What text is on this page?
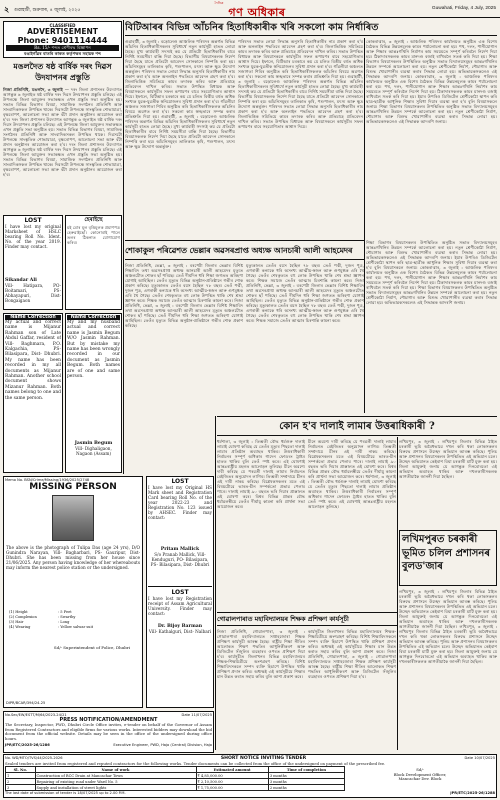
২ গুৱাহাটী, শুক্ৰবাৰ, ৪ জুলাই, ২০২৫
$^{দৈনিক}$ গণ অধিকাৰ	Guwahati, Friday, 4 July, 2025
CLASSIFIED
ADVERTISEMENT
Phone: 9401114444
Rs. 15/- শব্দত শ্ৰেণীবদ্ধ বিজ্ঞাপন
বঙাইগাঁৱৰ বাতৰি কাকত কৰ্তৃপক্ষৰ সহায়ক শব্দ
মঙলদৈত ষষ্ঠ বাৰ্ষিক দৰং দিৱস উদযাপনৰ প্ৰস্তুতি
নিজা প্ৰতিনিধি, মঙলদৈ, ৩ জুলাই — দৰং জিলা প্ৰশাসনৰ উদ্যোগত আগন্তুক ৬ জুলাইত ষষ্ঠ বাৰ্ষিক দৰং দিৱস উদযাপনৰ প্ৰস্তুতি চলিছে। এই উপলক্ষে জিলা আয়ুক্তৰ সভাকক্ষত এখন প্ৰস্তুতি সভা অনুষ্ঠিত হয়। সভাত বিভিন্ন বিভাগৰ বিষয়া, সামাজিক সংগঠনৰ প্ৰতিনিধি আৰু সাংবাদিকসকল উপস্থিত থাকে। দিৱসটো উপলক্ষে সাংস্কৃতিক শোভাযাত্ৰা, বৃক্ষৰোপণ, আলোচনা সভা আৰু বঁটা প্ৰদান অনুষ্ঠানৰ আয়োজন কৰা হ'ব। দৰং জিলা প্ৰশাসনৰ উদ্যোগত আগন্তুক ৬ জুলাইত ষষ্ঠ বাৰ্ষিক দৰং দিৱস উদযাপনৰ প্ৰস্তুতি চলিছে। এই উপলক্ষে জিলা আয়ুক্তৰ সভাকক্ষত এখন প্ৰস্তুতি সভা অনুষ্ঠিত হয়। সভাত বিভিন্ন বিভাগৰ বিষয়া, সামাজিক সংগঠনৰ প্ৰতিনিধি আৰু সাংবাদিকসকল উপস্থিত থাকে। দিৱসটো উপলক্ষে সাংস্কৃতিক শোভাযাত্ৰা, বৃক্ষৰোপণ, আলোচনা সভা আৰু বঁটা প্ৰদান অনুষ্ঠানৰ আয়োজন কৰা হ'ব। দৰং জিলা প্ৰশাসনৰ উদ্যোগত আগন্তুক ৬ জুলাইত ষষ্ঠ বাৰ্ষিক দৰং দিৱস উদযাপনৰ প্ৰস্তুতি চলিছে। এই উপলক্ষে জিলা আয়ুক্তৰ সভাকক্ষত এখন প্ৰস্তুতি সভা অনুষ্ঠিত হয়। সভাত বিভিন্ন বিভাগৰ বিষয়া, সামাজিক সংগঠনৰ প্ৰতিনিধি আৰু সাংবাদিকসকল উপস্থিত থাকে। দিৱসটো উপলক্ষে সাংস্কৃতিক শোভাযাত্ৰা, বৃক্ষৰোপণ, আলোচনা সভা আৰু বঁটা প্ৰদান অনুষ্ঠানৰ আয়োজন কৰা হ'ব।
LOST
I have lost my original Marksheet of HSLC bearing Roll No. Ident. No. of the year 2019. Finder may contact.
Sikandar Ali
Vill- Hatipara, PO- Boitamari, PS- Abhayapuri, Dist- Bongaigaon
হেৰাইছে
মই মোৰ মূল বৃত্তিমূলক প্ৰমাণপত্ৰ হেৰুৱাইছোঁ। কোনোবাই পালে তলৰ ঠিকনাত যোগাযোগ কৰিব।
Name Correction
My actual and correct name is Mijanur Rahman son of Late Abdul Gaffar, resident of Vill- Baghmara, P.O. Kalgachia, PS- Bilasipara, Dist- Dhubri. My name has been recorded in my all documents as Mijanur Rahman. Another school document shows Mizanur Rahman. Both names belong to one and the same person.
Name Correction
My and my husband actual and correct name is Jasmin Begum W/O Jasmin Rahman. But by mistake my name has been wrongly recorded in our document as Jasmin Begum. Both names are of one and same person.
Jasmin Begum
Vill- Dighaligaon, Nagaon (Assam)
Memo No. BSN/Crime/Missing/1936/2025/2748
MISSING PERSON
The above is the photograph of Tulipa Das (age 24 yrs), D/O Gunindra Narayan, Vill- Bagharbari, PS- Gauripur, Dist- Dhubri. She has been missing from her house since 21/06/2025. Any person having knowledge of her whereabouts may inform the nearest police station or the undersigned.
(1) Height	: 5 Feet
(2) Complexion	: Swarthy
(3) Hair	: Long
(4) Wearing	: Yellow salwar suit
Sd/- Superintendent of Police, Dhubri
DIPR/BCAR/394/24-25
LOST
I have lost my Original HS Mark sheet and Registration Card bearing Roll No. of the year 2022-23 and Registration No. 123 issued by AHSEC. Finder may contact:
Pritam Mallick
S/o Pranab Mallick, Vill- Kenduguri, PO- Bilasipara, PS- Bilasipara, Dist- Dhubri
LOST
I have lost my Registration receipt of Assam Agricultural University. Finder may contact:
Dr. Bijoy Barman
Vill- Kathalguri, Dist- Nalbari
বিটিআৰৰ বিভিন্ন আঁচনিৰ হিতাধিকাৰীক খৰি সকলো কাম নিৰ্ধাৰিত
গুৱাহাটী, ৩ জুলাই : বড়োলেণ্ড আঞ্চলিক পৰিষদৰ অন্তৰ্গত বিভিন্ন আঁচনিৰ হিতাধিকাৰীসকলৰ সুবিধাৰ্থে নতুন কাৰ্যসূচী হাতত লোৱা হৈছে। মুখ্য কাৰ্যবাহী সদস্যই কয় যে প্ৰতিটো হিতাধিকাৰীৰ বাবে নিৰ্দিষ্ট সময়সীমা বান্ধি দিয়া হৈছে। বিভাগীয় বিষয়াসকলক নিৰ্দেশ দিয়া হৈছে যাতে প্ৰতিটো আবেদন সোনকালে নিষ্পত্তি কৰা হয়। আঁচনিসমূহৰ তালিকাত কৃষি, পশুপালন, মৎস্য আৰু ক্ষুদ্ৰ উদ্যোগ অন্তৰ্ভুক্ত। পৰিষদৰ সভাত লোৱা সিদ্ধান্ত অনুসৰি হিতাধিকাৰীৰ নাম প্ৰকাশ কৰা হ'ব আৰু অনলাইন পদ্ধতিৰে আবেদন গ্ৰহণ কৰা হ'ব। জিলাভিত্তিক সমিতিয়ে কামৰ তদাৰক কৰিব আৰু প্ৰতিমাহে প্ৰতিবেদন দাখিল কৰিব। সভাত উপস্থিত বিধায়ক আৰু বিষয়াসকলে কাৰ্যসূচীৰ সফল ৰূপায়ণৰ বাবে সহযোগিতাৰ আশ্বাস দিয়ে। ইফালে, বিটিআৰ চৰকাৰে কয় যে চলিত বিত্তীয় বৰ্ষত অধিক সংখ্যক যুৱক-যুৱতীক স্বনিয়োজনৰ সুবিধা প্ৰদান কৰা হ'ব। গাঁৱলীয়া অঞ্চলত সজাগতা শিবিৰ অনুষ্ঠিত কৰি হিতাধিকাৰীসকলক আঁচনিৰ বিষয়ে অৱগত কৰা হ'ব। সকলো কাম স্বচ্ছতাৰে সম্পন্ন কৰাৰ প্ৰতিশ্ৰুতি দিয়া হয়। গুৱাহাটী, ৩ জুলাই : বড়োলেণ্ড আঞ্চলিক পৰিষদৰ অন্তৰ্গত বিভিন্ন আঁচনিৰ হিতাধিকাৰীসকলৰ সুবিধাৰ্থে নতুন কাৰ্যসূচী হাতত লোৱা হৈছে। মুখ্য কাৰ্যবাহী সদস্যই কয় যে প্ৰতিটো হিতাধিকাৰীৰ বাবে নিৰ্দিষ্ট সময়সীমা বান্ধি দিয়া হৈছে। বিভাগীয় বিষয়াসকলক নিৰ্দেশ দিয়া হৈছে যাতে প্ৰতিটো আবেদন সোনকালে নিষ্পত্তি কৰা হয়। আঁচনিসমূহৰ তালিকাত কৃষি, পশুপালন, মৎস্য আৰু ক্ষুদ্ৰ উদ্যোগ অন্তৰ্ভুক্ত।
পৰিষদৰ সভাত লোৱা সিদ্ধান্ত অনুসৰি হিতাধিকাৰীৰ নাম প্ৰকাশ কৰা হ'ব আৰু অনলাইন পদ্ধতিৰে আবেদন গ্ৰহণ কৰা হ'ব। জিলাভিত্তিক সমিতিয়ে কামৰ তদাৰক কৰিব আৰু প্ৰতিমাহে প্ৰতিবেদন দাখিল কৰিব। সভাত উপস্থিত বিধায়ক আৰু বিষয়াসকলে কাৰ্যসূচীৰ সফল ৰূপায়ণৰ বাবে সহযোগিতাৰ আশ্বাস দিয়ে। ইফালে, বিটিআৰ চৰকাৰে কয় যে চলিত বিত্তীয় বৰ্ষত অধিক সংখ্যক যুৱক-যুৱতীক স্বনিয়োজনৰ সুবিধা প্ৰদান কৰা হ'ব। গাঁৱলীয়া অঞ্চলত সজাগতা শিবিৰ অনুষ্ঠিত কৰি হিতাধিকাৰীসকলক আঁচনিৰ বিষয়ে অৱগত কৰা হ'ব। সকলো কাম স্বচ্ছতাৰে সম্পন্ন কৰাৰ প্ৰতিশ্ৰুতি দিয়া হয়। গুৱাহাটী, ৩ জুলাই : বড়োলেণ্ড আঞ্চলিক পৰিষদৰ অন্তৰ্গত বিভিন্ন আঁচনিৰ হিতাধিকাৰীসকলৰ সুবিধাৰ্থে নতুন কাৰ্যসূচী হাতত লোৱা হৈছে। মুখ্য কাৰ্যবাহী সদস্যই কয় যে প্ৰতিটো হিতাধিকাৰীৰ বাবে নিৰ্দিষ্ট সময়সীমা বান্ধি দিয়া হৈছে। বিভাগীয় বিষয়াসকলক নিৰ্দেশ দিয়া হৈছে যাতে প্ৰতিটো আবেদন সোনকালে নিষ্পত্তি কৰা হয়। আঁচনিসমূহৰ তালিকাত কৃষি, পশুপালন, মৎস্য আৰু ক্ষুদ্ৰ উদ্যোগ অন্তৰ্ভুক্ত। পৰিষদৰ সভাত লোৱা সিদ্ধান্ত অনুসৰি হিতাধিকাৰীৰ নাম প্ৰকাশ কৰা হ'ব আৰু অনলাইন পদ্ধতিৰে আবেদন গ্ৰহণ কৰা হ'ব। জিলাভিত্তিক সমিতিয়ে কামৰ তদাৰক কৰিব আৰু প্ৰতিমাহে প্ৰতিবেদন দাখিল কৰিব। সভাত উপস্থিত বিধায়ক আৰু বিষয়াসকলে কাৰ্যসূচীৰ সফল ৰূপায়ণৰ বাবে সহযোগিতাৰ আশ্বাস দিয়ে।
কোকৰাঝাৰ, ৩ জুলাই : আঞ্চলিক পৰিষদৰ কাৰ্যালয়ত অনুষ্ঠিত এক বিশেষ বৈঠকত বিভিন্ন উন্নয়নমূলক কামৰ পৰ্যালোচনা কৰা হয়। পথ, দলং, পানীযোগান আৰু শিক্ষাৰ আন্তঃগাঁথনি নিৰ্মাণৰ কাম সময়মতে সম্পূৰ্ণ কৰিবলৈ নিৰ্দেশ দিয়া হয়। ঠিকাদাৰসকলক কামৰ মানদণ্ড বজাই ৰাখিবলৈ সতৰ্ক কৰি দিয়া হয়। শিক্ষা বিভাগৰ বিষয়াসকলৰ উপস্থিতিত অনুষ্ঠিত সভাত বিদ্যালয়সমূহৰ আন্তঃগাঁথনিৰ উন্নয়ন সম্পৰ্কে আলোচনা কৰা হয়। নতুন শ্ৰেণীকোঠা নিৰ্মাণ, শৌচাগাৰ আৰু বিশুদ্ধ খোৱাপানীৰ ব্যৱস্থা কৰাৰ সিদ্ধান্ত লোৱা হয়। অভিভাৱকসকলেও এই সিদ্ধান্তক আদৰণি জনায়। কোকৰাঝাৰ, ৩ জুলাই : আঞ্চলিক পৰিষদৰ কাৰ্যালয়ত অনুষ্ঠিত এক বিশেষ বৈঠকত বিভিন্ন উন্নয়নমূলক কামৰ পৰ্যালোচনা কৰা হয়। পথ, দলং, পানীযোগান আৰু শিক্ষাৰ আন্তঃগাঁথনি নিৰ্মাণৰ কাম সময়মতে সম্পূৰ্ণ কৰিবলৈ নিৰ্দেশ দিয়া হয়। ঠিকাদাৰসকলক কামৰ মানদণ্ড বজাই ৰাখিবলৈ সতৰ্ক কৰি দিয়া হয়। ইয়াৰ উপৰিও ডিজিটেল শ্ৰেণীকোঠা স্থাপন কৰি ছাত্ৰ-ছাত্ৰীক আধুনিক শিক্ষাৰ সুবিধা দিয়াৰ ব্যৱস্থা কৰা হ'ব বুলি বিষয়াসকলে জনায়। শিক্ষা বিভাগৰ বিষয়াসকলৰ উপস্থিতিত অনুষ্ঠিত সভাত বিদ্যালয়সমূহৰ আন্তঃগাঁথনিৰ উন্নয়ন সম্পৰ্কে আলোচনা কৰা হয়। নতুন শ্ৰেণীকোঠা নিৰ্মাণ, শৌচাগাৰ আৰু বিশুদ্ধ খোৱাপানীৰ ব্যৱস্থা কৰাৰ সিদ্ধান্ত লোৱা হয়। অভিভাৱকসকলেও এই সিদ্ধান্তক আদৰণি জনায়।
শোকাকুল পৰিৱেশত ভেল্লাৰ অৱসৰপ্ৰাপ্ত অধ্যক্ষ আনচাৰী আলী আহমেদৰ
নিজা প্ৰতিনিধি, ভেল্লা, ৩ জুলাই : বৰপেটা জিলাৰ ভেল্লাৰ বিশিষ্ট শিক্ষাবিদ তথা অৱসৰপ্ৰাপ্ত অধ্যক্ষ আনচাৰী আলী আহমেদৰ মৃত্যুত অঞ্চলটোত শোকৰ ছাঁ পৰিছে। তেওঁ দীৰ্ঘদিন ধৰি শিক্ষা জগতত অৰিহণা যোগাই আহিছিল। তেওঁৰ মৃত্যুত বিভিন্ন অনুষ্ঠান-প্ৰতিষ্ঠানে গভীৰ শোক প্ৰকাশ কৰিছে। মৃত্যুকালত তেওঁৰ বয়স হৈছিল ৭৮ বছৰ। তেওঁ পত্নী, দুজন পুত্ৰ, এগৰাকী কন্যাকে ধৰি অসংখ্য আত্মীয়-স্বজন আৰু গুণমুগ্ধক এৰি থৈ গৈছে। তেওঁৰ শেষকৃত্যত বহু লোক উপস্থিত থাকি শেষ শ্ৰদ্ধা জ্ঞাপন কৰে। শিক্ষক সমাজে তেওঁৰ আত্মাৰ চিৰশান্তি কামনা কৰে। নিজা প্ৰতিনিধি, ভেল্লা, ৩ জুলাই : বৰপেটা জিলাৰ ভেল্লাৰ বিশিষ্ট শিক্ষাবিদ তথা অৱসৰপ্ৰাপ্ত অধ্যক্ষ আনচাৰী আলী আহমেদৰ মৃত্যুত অঞ্চলটোত শোকৰ ছাঁ পৰিছে। তেওঁ দীৰ্ঘদিন ধৰি শিক্ষা জগতত অৰিহণা যোগাই আহিছিল। তেওঁৰ মৃত্যুত বিভিন্ন অনুষ্ঠান-প্ৰতিষ্ঠানে গভীৰ শোক প্ৰকাশ কৰিছে।
মৃত্যুকালত তেওঁৰ বয়স হৈছিল ৭৮ বছৰ। তেওঁ পত্নী, দুজন পুত্ৰ, এগৰাকী কন্যাকে ধৰি অসংখ্য আত্মীয়-স্বজন আৰু গুণমুগ্ধক এৰি থৈ গৈছে। তেওঁৰ শেষকৃত্যত বহু লোক উপস্থিত থাকি শেষ শ্ৰদ্ধা জ্ঞাপন কৰে। শিক্ষক সমাজে তেওঁৰ আত্মাৰ চিৰশান্তি কামনা কৰে। নিজা প্ৰতিনিধি, ভেল্লা, ৩ জুলাই : বৰপেটা জিলাৰ ভেল্লাৰ বিশিষ্ট শিক্ষাবিদ তথা অৱসৰপ্ৰাপ্ত অধ্যক্ষ আনচাৰী আলী আহমেদৰ মৃত্যুত অঞ্চলটোত শোকৰ ছাঁ পৰিছে। তেওঁ দীৰ্ঘদিন ধৰি শিক্ষা জগতত অৰিহণা যোগাই আহিছিল। তেওঁৰ মৃত্যুত বিভিন্ন অনুষ্ঠান-প্ৰতিষ্ঠানে গভীৰ শোক প্ৰকাশ কৰিছে। মৃত্যুকালত তেওঁৰ বয়স হৈছিল ৭৮ বছৰ। তেওঁ পত্নী, দুজন পুত্ৰ, এগৰাকী কন্যাকে ধৰি অসংখ্য আত্মীয়-স্বজন আৰু গুণমুগ্ধক এৰি থৈ গৈছে। তেওঁৰ শেষকৃত্যত বহু লোক উপস্থিত থাকি শেষ শ্ৰদ্ধা জ্ঞাপন কৰে। শিক্ষক সমাজে তেওঁৰ আত্মাৰ চিৰশান্তি কামনা কৰে।
শিক্ষা বিভাগৰ বিষয়াসকলৰ উপস্থিতিত অনুষ্ঠিত সভাত বিদ্যালয়সমূহৰ আন্তঃগাঁথনিৰ উন্নয়ন সম্পৰ্কে আলোচনা কৰা হয়। নতুন শ্ৰেণীকোঠা নিৰ্মাণ, শৌচাগাৰ আৰু বিশুদ্ধ খোৱাপানীৰ ব্যৱস্থা কৰাৰ সিদ্ধান্ত লোৱা হয়। অভিভাৱকসকলেও এই সিদ্ধান্তক আদৰণি জনায়। ইয়াৰ উপৰিও ডিজিটেল শ্ৰেণীকোঠা স্থাপন কৰি ছাত্ৰ-ছাত্ৰীক আধুনিক শিক্ষাৰ সুবিধা দিয়াৰ ব্যৱস্থা কৰা হ'ব বুলি বিষয়াসকলে জনায়। কোকৰাঝাৰ, ৩ জুলাই : আঞ্চলিক পৰিষদৰ কাৰ্যালয়ত অনুষ্ঠিত এক বিশেষ বৈঠকত বিভিন্ন উন্নয়নমূলক কামৰ পৰ্যালোচনা কৰা হয়। পথ, দলং, পানীযোগান আৰু শিক্ষাৰ আন্তঃগাঁথনি নিৰ্মাণৰ কাম সময়মতে সম্পূৰ্ণ কৰিবলৈ নিৰ্দেশ দিয়া হয়। ঠিকাদাৰসকলক কামৰ মানদণ্ড বজাই ৰাখিবলৈ সতৰ্ক কৰি দিয়া হয়। শিক্ষা বিভাগৰ বিষয়াসকলৰ উপস্থিতিত অনুষ্ঠিত সভাত বিদ্যালয়সমূহৰ আন্তঃগাঁথনিৰ উন্নয়ন সম্পৰ্কে আলোচনা কৰা হয়। নতুন শ্ৰেণীকোঠা নিৰ্মাণ, শৌচাগাৰ আৰু বিশুদ্ধ খোৱাপানীৰ ব্যৱস্থা কৰাৰ সিদ্ধান্ত লোৱা হয়। অভিভাৱকসকলেও এই সিদ্ধান্তক আদৰণি জনায়।
কোন হ'ব দালাই লামাৰ উত্তৰাধিকাৰী ?
ধৰ্মশালা, ৩ জুলাই : তিব্বতী বৌদ্ধ ধৰ্মগুৰু দালাই লামাই ঘোষণা কৰিছে যে তেওঁৰ মৃত্যুৰ পিছতো দালাই লামাৰ প্ৰতিষ্ঠান অব্যাহত থাকিব। উত্তৰাধিকাৰী নিৰ্বাচনৰ সম্পূৰ্ণ অধিকাৰ গাদেন ফোডৰং ট্ৰাষ্টৰ হাতত থাকিব বুলি তেওঁ স্পষ্ট কৰে। এই ঘোষণাই আন্তঃৰাষ্ট্ৰীয় মহলত আলোড়ন তুলিছে। চীনে অৱশ্যে দাবী কৰিছে যে পৰৱৰ্তী দালাই লামাৰ নিৰ্বাচনত বেইজিঙৰ অনুমোদন লাগিব। তিব্বতী সম্প্ৰদায়ে চীনৰ এই দাবী নাকচ কৰিছে। বিশ্লেষকসকলৰ মতে এই বিষয়টোৱে ভাৰত-চীন সম্পৰ্কতো প্ৰভাৱ পেলাব পাৰে। দালাই লামাই ৯০ বছৰত ভৰি দিয়াৰ প্ৰাক্কালত এই ঘোষণা কৰে। বিশ্বৰ বিভিন্ন প্ৰান্তৰ বৌদ্ধ ধৰ্মাৱলম্বীয়ে তেওঁৰ দীৰ্ঘায়ু কামনা কৰি প্ৰাৰ্থনা সভা আয়োজন কৰে।
চীনে অৱশ্যে দাবী কৰিছে যে পৰৱৰ্তী দালাই লামাৰ নিৰ্বাচনত বেইজিঙৰ অনুমোদন লাগিব। তিব্বতী সম্প্ৰদায়ে চীনৰ এই দাবী নাকচ কৰিছে। বিশ্লেষকসকলৰ মতে এই বিষয়টোৱে ভাৰত-চীন সম্পৰ্কতো প্ৰভাৱ পেলাব পাৰে। দালাই লামাই ৯০ বছৰত ভৰি দিয়াৰ প্ৰাক্কালত এই ঘোষণা কৰে। বিশ্বৰ বিভিন্ন প্ৰান্তৰ বৌদ্ধ ধৰ্মাৱলম্বীয়ে তেওঁৰ দীৰ্ঘায়ু কামনা কৰি প্ৰাৰ্থনা সভা আয়োজন কৰে। ধৰ্মশালা, ৩ জুলাই : তিব্বতী বৌদ্ধ ধৰ্মগুৰু দালাই লামাই ঘোষণা কৰিছে যে তেওঁৰ মৃত্যুৰ পিছতো দালাই লামাৰ প্ৰতিষ্ঠান অব্যাহত থাকিব। উত্তৰাধিকাৰী নিৰ্বাচনৰ সম্পূৰ্ণ অধিকাৰ গাদেন ফোডৰং ট্ৰাষ্টৰ হাতত থাকিব বুলি তেওঁ স্পষ্ট কৰে। এই ঘোষণাই আন্তঃৰাষ্ট্ৰীয় মহলত আলোড়ন তুলিছে।
লখিমপুৰ, ৩ জুলাই : লখিমপুৰ জিলাৰ বিভিন্ন ঠাইত চৰকাৰী ভূমি অবৈধভাৱে দখল কৰি থকা লোকসকলৰ বিৰুদ্ধে প্ৰশাসনে উচ্ছেদ অভিযান আৰম্ভ কৰিছে। পুলিচ আৰু প্ৰশাসনৰ বিষয়াসকলৰ উপস্থিতিত এই অভিযান চলে। উচ্ছেদ অভিযানত কেইবাশ বিঘা চৰকাৰী মাটি মুক্ত কৰা হয়। জিলা আয়ুক্তই জনায় যে আগন্তুক দিনবোৰতো এই অভিযান অব্যাহত থাকিব আৰু দখলকাৰীসকলক আগতীয়াকৈ জাননী দিয়া হৈছিল।
লখিমপুৰত চৰকাৰী ভূমিত চলিল প্ৰশাসনৰ বুলড'জাৰ
লখিমপুৰ, ৩ জুলাই : লখিমপুৰ জিলাৰ বিভিন্ন ঠাইত চৰকাৰী ভূমি অবৈধভাৱে দখল কৰি থকা লোকসকলৰ বিৰুদ্ধে প্ৰশাসনে উচ্ছেদ অভিযান আৰম্ভ কৰিছে। পুলিচ আৰু প্ৰশাসনৰ বিষয়াসকলৰ উপস্থিতিত এই অভিযান চলে। উচ্ছেদ অভিযানত কেইবাশ বিঘা চৰকাৰী মাটি মুক্ত কৰা হয়। জিলা আয়ুক্তই জনায় যে আগন্তুক দিনবোৰতো এই অভিযান অব্যাহত থাকিব আৰু দখলকাৰীসকলক আগতীয়াকৈ জাননী দিয়া হৈছিল। লখিমপুৰ, ৩ জুলাই : লখিমপুৰ জিলাৰ বিভিন্ন ঠাইত চৰকাৰী ভূমি অবৈধভাৱে দখল কৰি থকা লোকসকলৰ বিৰুদ্ধে প্ৰশাসনে উচ্ছেদ অভিযান আৰম্ভ কৰিছে। পুলিচ আৰু প্ৰশাসনৰ বিষয়াসকলৰ উপস্থিতিত এই অভিযান চলে। উচ্ছেদ অভিযানত কেইবাশ বিঘা চৰকাৰী মাটি মুক্ত কৰা হয়। জিলা আয়ুক্তই জনায় যে আগন্তুক দিনবোৰতো এই অভিযান অব্যাহত থাকিব আৰু দখলকাৰীসকলক আগতীয়াকৈ জাননী দিয়া হৈছিল।
গোৱালপাৰাত মহাবিদ্যালয়ৰ শিক্ষক প্ৰশিক্ষণ কাৰ্যসূচী
নিজা প্ৰতিনিধি, গোৱালপাৰা, ৩ জুলাই : গোৱালপাৰা মহাবিদ্যালয়ত সপ্তাহজোৰা শিক্ষক প্ৰশিক্ষণ কাৰ্যসূচী আৰম্ভ হৈছে। ৰাষ্ট্ৰীয় শিক্ষা নীতিৰ আলোকত শিক্ষণ পদ্ধতিৰ আধুনিকীকৰণ আৰু ডিজিটেল সঁজুলিৰ ব্যৱহাৰৰ ওপৰত প্ৰশিক্ষণ দিয়া হ'ব। কাৰ্যসূচীত জিলাখনৰ বিভিন্ন মহাবিদ্যালয়ৰ শিক্ষক-শিক্ষয়িত্ৰীয়ে অংশগ্ৰহণ কৰিছে। বিশিষ্ট শিক্ষাবিদসকলে সম্পদ ব্যক্তি হিচাপে উপস্থিত থাকি প্ৰশিক্ষণ প্ৰদান কৰিব। অধ্যক্ষই এই কাৰ্যসূচীয়ে শিক্ষাৰ মান উন্নত কৰাত সহায় কৰিব বুলি আশা প্ৰকাশ কৰে।
কাৰ্যসূচীত জিলাখনৰ বিভিন্ন মহাবিদ্যালয়ৰ শিক্ষক-শিক্ষয়িত্ৰীয়ে অংশগ্ৰহণ কৰিছে। বিশিষ্ট শিক্ষাবিদসকলে সম্পদ ব্যক্তি হিচাপে উপস্থিত থাকি প্ৰশিক্ষণ প্ৰদান কৰিব। অধ্যক্ষই এই কাৰ্যসূচীয়ে শিক্ষাৰ মান উন্নত কৰাত সহায় কৰিব বুলি আশা প্ৰকাশ কৰে। নিজা প্ৰতিনিধি, গোৱালপাৰা, ৩ জুলাই : গোৱালপাৰা মহাবিদ্যালয়ত সপ্তাহজোৰা শিক্ষক প্ৰশিক্ষণ কাৰ্যসূচী আৰম্ভ হৈছে। ৰাষ্ট্ৰীয় শিক্ষা নীতিৰ আলোকত শিক্ষণ পদ্ধতিৰ আধুনিকীকৰণ আৰু ডিজিটেল সঁজুলিৰ ব্যৱহাৰৰ ওপৰত প্ৰশিক্ষণ দিয়া হ'ব।
No.Sec/EW/ESTT/M/64/2023-24/21	Date 11/07/2025
PRESS NOTIFICATION/AMENDMENT
The Secretary, Inspector, PWD, Dhubri Circle Office invites, e-tender on behalf of the Governor of Assam from Registered Contractors and eligible firms for various works. Interested bidders may download the bid document from the official website. Details may be seen in the office of the undersigned during office hours.
JPR/ETC/2025-26/1286	Executive Engineer, PWD, Hajo (Central) Division, Hajo
No. WD/MTO/TVS/44/2025-2026	SHORT NOTICE INVITING TENDER	Date 10/07/2025
Sealed tenders are invited from registered and reputed contractors for the following works. Tender documents can be collected from the office of the undersigned on payment of the prescribed fee.
Sl. No.	Name of work	Estimated amount	Time of completion
1	Construction of RCC Drain at Mancachar Town	₹ 4,85,000.00	3 months
2	Repairing of existing road under Ward No. 5	₹ 2,10,500.00	3 months
3	Supply and installation of street lights	₹ 1,75,000.00	2 months
Sd/-
Block Development Officer,
Mancachar Dev. Block
The last date of submission of tender is 18/07/2025 up to 2.00 P.M.	JPR/ETC/2025-26/1288
